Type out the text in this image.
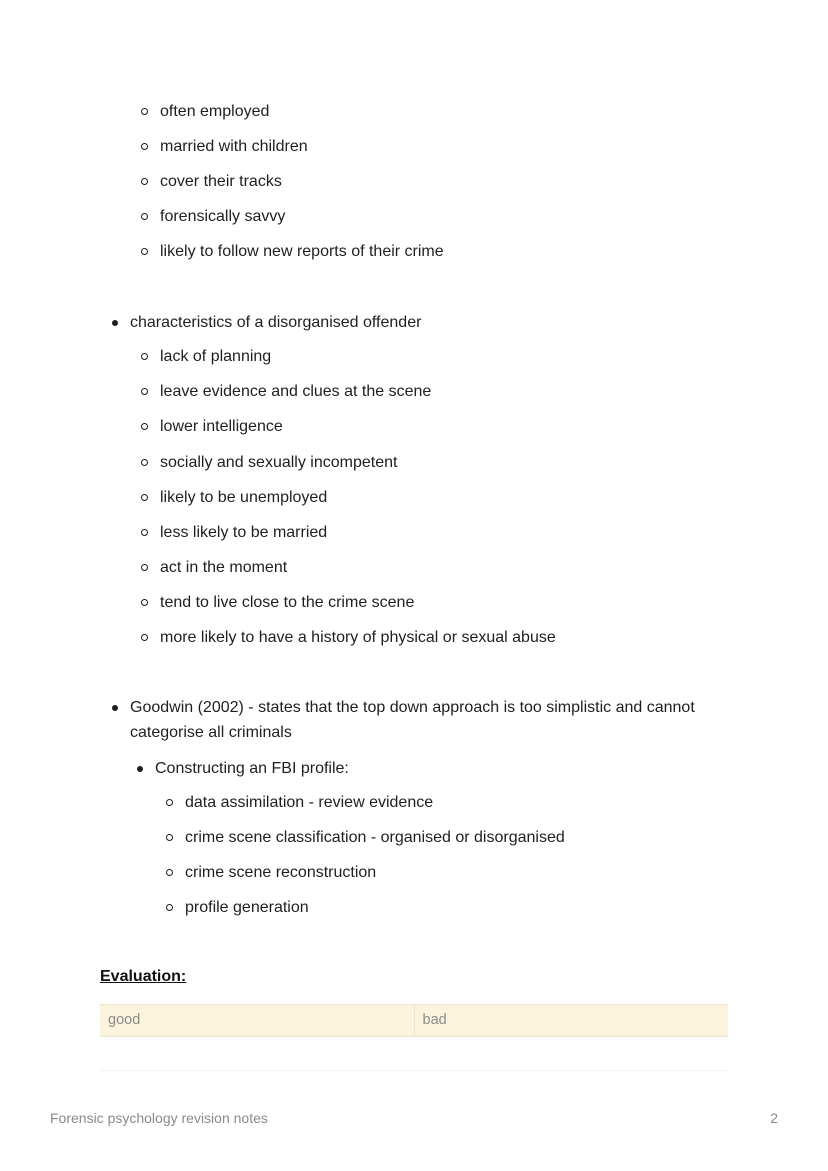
often employed
married with children
cover their tracks
forensically savvy
likely to follow new reports of their crime
characteristics of a disorganised offender
lack of planning
leave evidence and clues at the scene
lower intelligence
socially and sexually incompetent
likely to be unemployed
less likely to be married
act in the moment
tend to live close to the crime scene
more likely to have a history of physical or sexual abuse
Goodwin (2002) - states that the top down approach is too simplistic and cannot
categorise all criminals
Constructing an FBI profile:
data assimilation - review evidence
crime scene classification - organised or disorganised
crime scene reconstruction
profile generation
Evaluation:
good	bad
Forensic psychology revision notes	2
